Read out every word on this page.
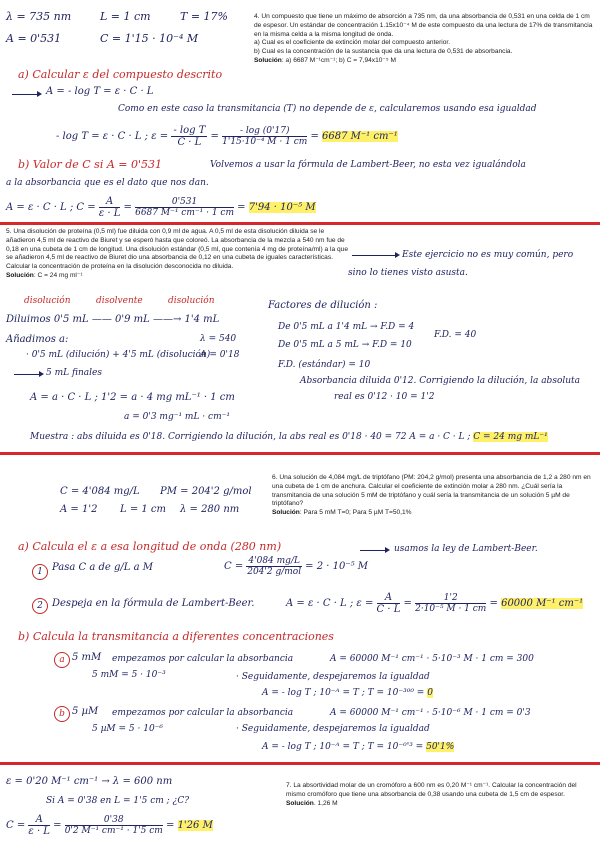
λ = 735 nm	L = 1 cm	T = 17%
A = 0'531	C = 1'15 · 10⁻⁴ M
4. Un compuesto que tiene un máximo de absorción a 735 nm, da una absorbancia de 0,531 en una celda de 1 cm de espesor. Un estándar de concentración 1.15x10⁻⁴ M de este compuesto da una lectura de 17% de transmitancia en la misma celda a la misma longitud de onda.
a) Cual es el coeficiente de extinción molar del compuesto anterior.
b) Cual es la concentración de la sustancia que da una lectura de 0,531 de absorbancia.
Solución: a) 6687 M⁻¹cm⁻¹; b) C = 7,94x10⁻⁵ M
a) Calcular ε del compuesto descrito
A = - log T = ε · C · L
Como en este caso la transmitancia (T) no depende de ε, calcularemos usando esa igualdad
- log T = ε · C · L ; $\varepsilon = \frac{\text{- log T}}{C \cdot L} = \frac{- \log (0'17)}{\text{1'15·10⁻⁴ M · 1 cm}} = 6687$ M⁻¹ cm⁻¹
b) Valor de C si A = 0'531	Volvemos a usar la fórmula de Lambert-Beer, no esta vez igualándola
a la absorbancia que es el dato que nos dan.
A = ε · C · L ; $C = \frac{A}{\varepsilon \cdot L} = \frac{0'531}{\text{6687 M⁻¹ cm⁻¹ · 1 cm}} = 7'94 \cdot 10^{-5}$ M
5. Una disolución de proteína (0,5 ml) fue diluida con 0,9 ml de agua. A 0,5 ml de esta disolución diluida se le añadieron 4,5 ml de reactivo de Biuret y se esperó hasta que coloreó. La absorbancia de la mezcla a 540 nm fue de 0,18 en una cubeta de 1 cm de longitud. Una disolución estándar (0,5 ml, que contenía 4 mg de proteína/ml) a la que se añadieron 4,5 ml de reactivo de Biuret dio una absorbancia de 0,12 en una cubeta de iguales características. Calcular la concentración de proteína en la disolución desconocida no diluida.
Solución: C = 24 mg ml⁻¹
Este ejercicio no es muy común, pero
sino lo tienes visto asusta.
disolución	disolvente	disolución
Diluimos 0'5 mL —— 0'9 mL ——→ 1'4 mL
Añadimos a:	λ = 540
· 0'5 mL (dilución) + 4'5 mL (disolución)
A = 0'18
5 mL finales
A = a · C · L ; 1'2 = a · 4 mg mL⁻¹ · 1 cm
a = 0'3 mg⁻¹ mL · cm⁻¹
Factores de dilución :
De 0'5 mL a 1'4 mL → F.D = 4
De 0'5 mL a 5 mL → F.D = 10
F.D. = 40
F.D. (estándar) = 10
Absorbancia diluida 0'12. Corrigiendo la dilución, la absoluta
real es 0'12 · 10 = 1'2
Muestra : abs diluida es 0'18. Corrigiendo la dilución, la abs real es 0'18 · 40 = 72 A = a · C · L ; C = 24 mg mL⁻¹
C = 4'084 mg/L PM = 204'2 g/mol
A = 1'2 L = 1 cm λ = 280 nm
6. Una solución de 4,084 mg/L de triptófano (PM: 204,2 g/mol) presenta una absorbancia de 1,2 a 280 nm en una cubeta de 1 cm de anchura. Calcular el coeficiente de extinción molar a 280 nm. ¿Cuál sería la transmitancia de una solución 5 mM de triptófano y cuál sería la transmitancia de un solución 5 µM de triptófano?
Solución: Para 5 mM T=0; Para 5 µM T=50,1%
a) Calcula el ε a esa longitud de onda (280 nm)	usamos la ley de Lambert-Beer.
1 Pasa C a de g/L a M	$C = \frac{4'084 mg/L}{\text{204'2 g/mol}} = 2 \cdot 10^{-5}$ M
2 Despeja en la fórmula de Lambert-Beer.	A = ε · C · L ; $\varepsilon = \frac{A}{C \cdot L} = \frac{1'2}{\text{2·10⁻⁵ M · 1 cm}} = 60000$ M⁻¹ cm⁻¹
b) Calcula la transmitancia a diferentes concentraciones
a 5 mM empezamos por calcular la absorbancia	A = 60000 M⁻¹ cm⁻¹ · 5·10⁻³ M · 1 cm = 300
5 mM = 5 · 10⁻³	· Seguidamente, despejaremos la igualdad
A = - log T ; 10⁻ᴬ = T ; T = 10⁻³⁰⁰ = 0
b 5 µM empezamos por calcular la absorbancia	A = 60000 M⁻¹ cm⁻¹ · 5·10⁻⁶ M · 1 cm = 0'3
5 µM = 5 · 10⁻⁶	· Seguidamente, despejaremos la igualdad
A = - log T ; 10⁻ᴬ = T ; T = 10⁻⁰'³ = 50'1%
ε = 0'20 M⁻¹ cm⁻¹ → λ = 600 nm
Si A = 0'38 en L = 1'5 cm ; ¿C?
$C = \frac{A}{\varepsilon \cdot L} = \frac{0'38}{\text{0'2 M⁻¹ cm⁻¹ · 1'5 cm}} = 1'26$ M
7. La absortividad molar de un cromóforo a 600 nm es 0,20 M⁻¹ cm⁻¹. Calcular la concentración del mismo cromóforo que tiene una absorbancia de 0,38 usando una cubeta de 1,5 cm de espesor.
Solución. 1,26 M
